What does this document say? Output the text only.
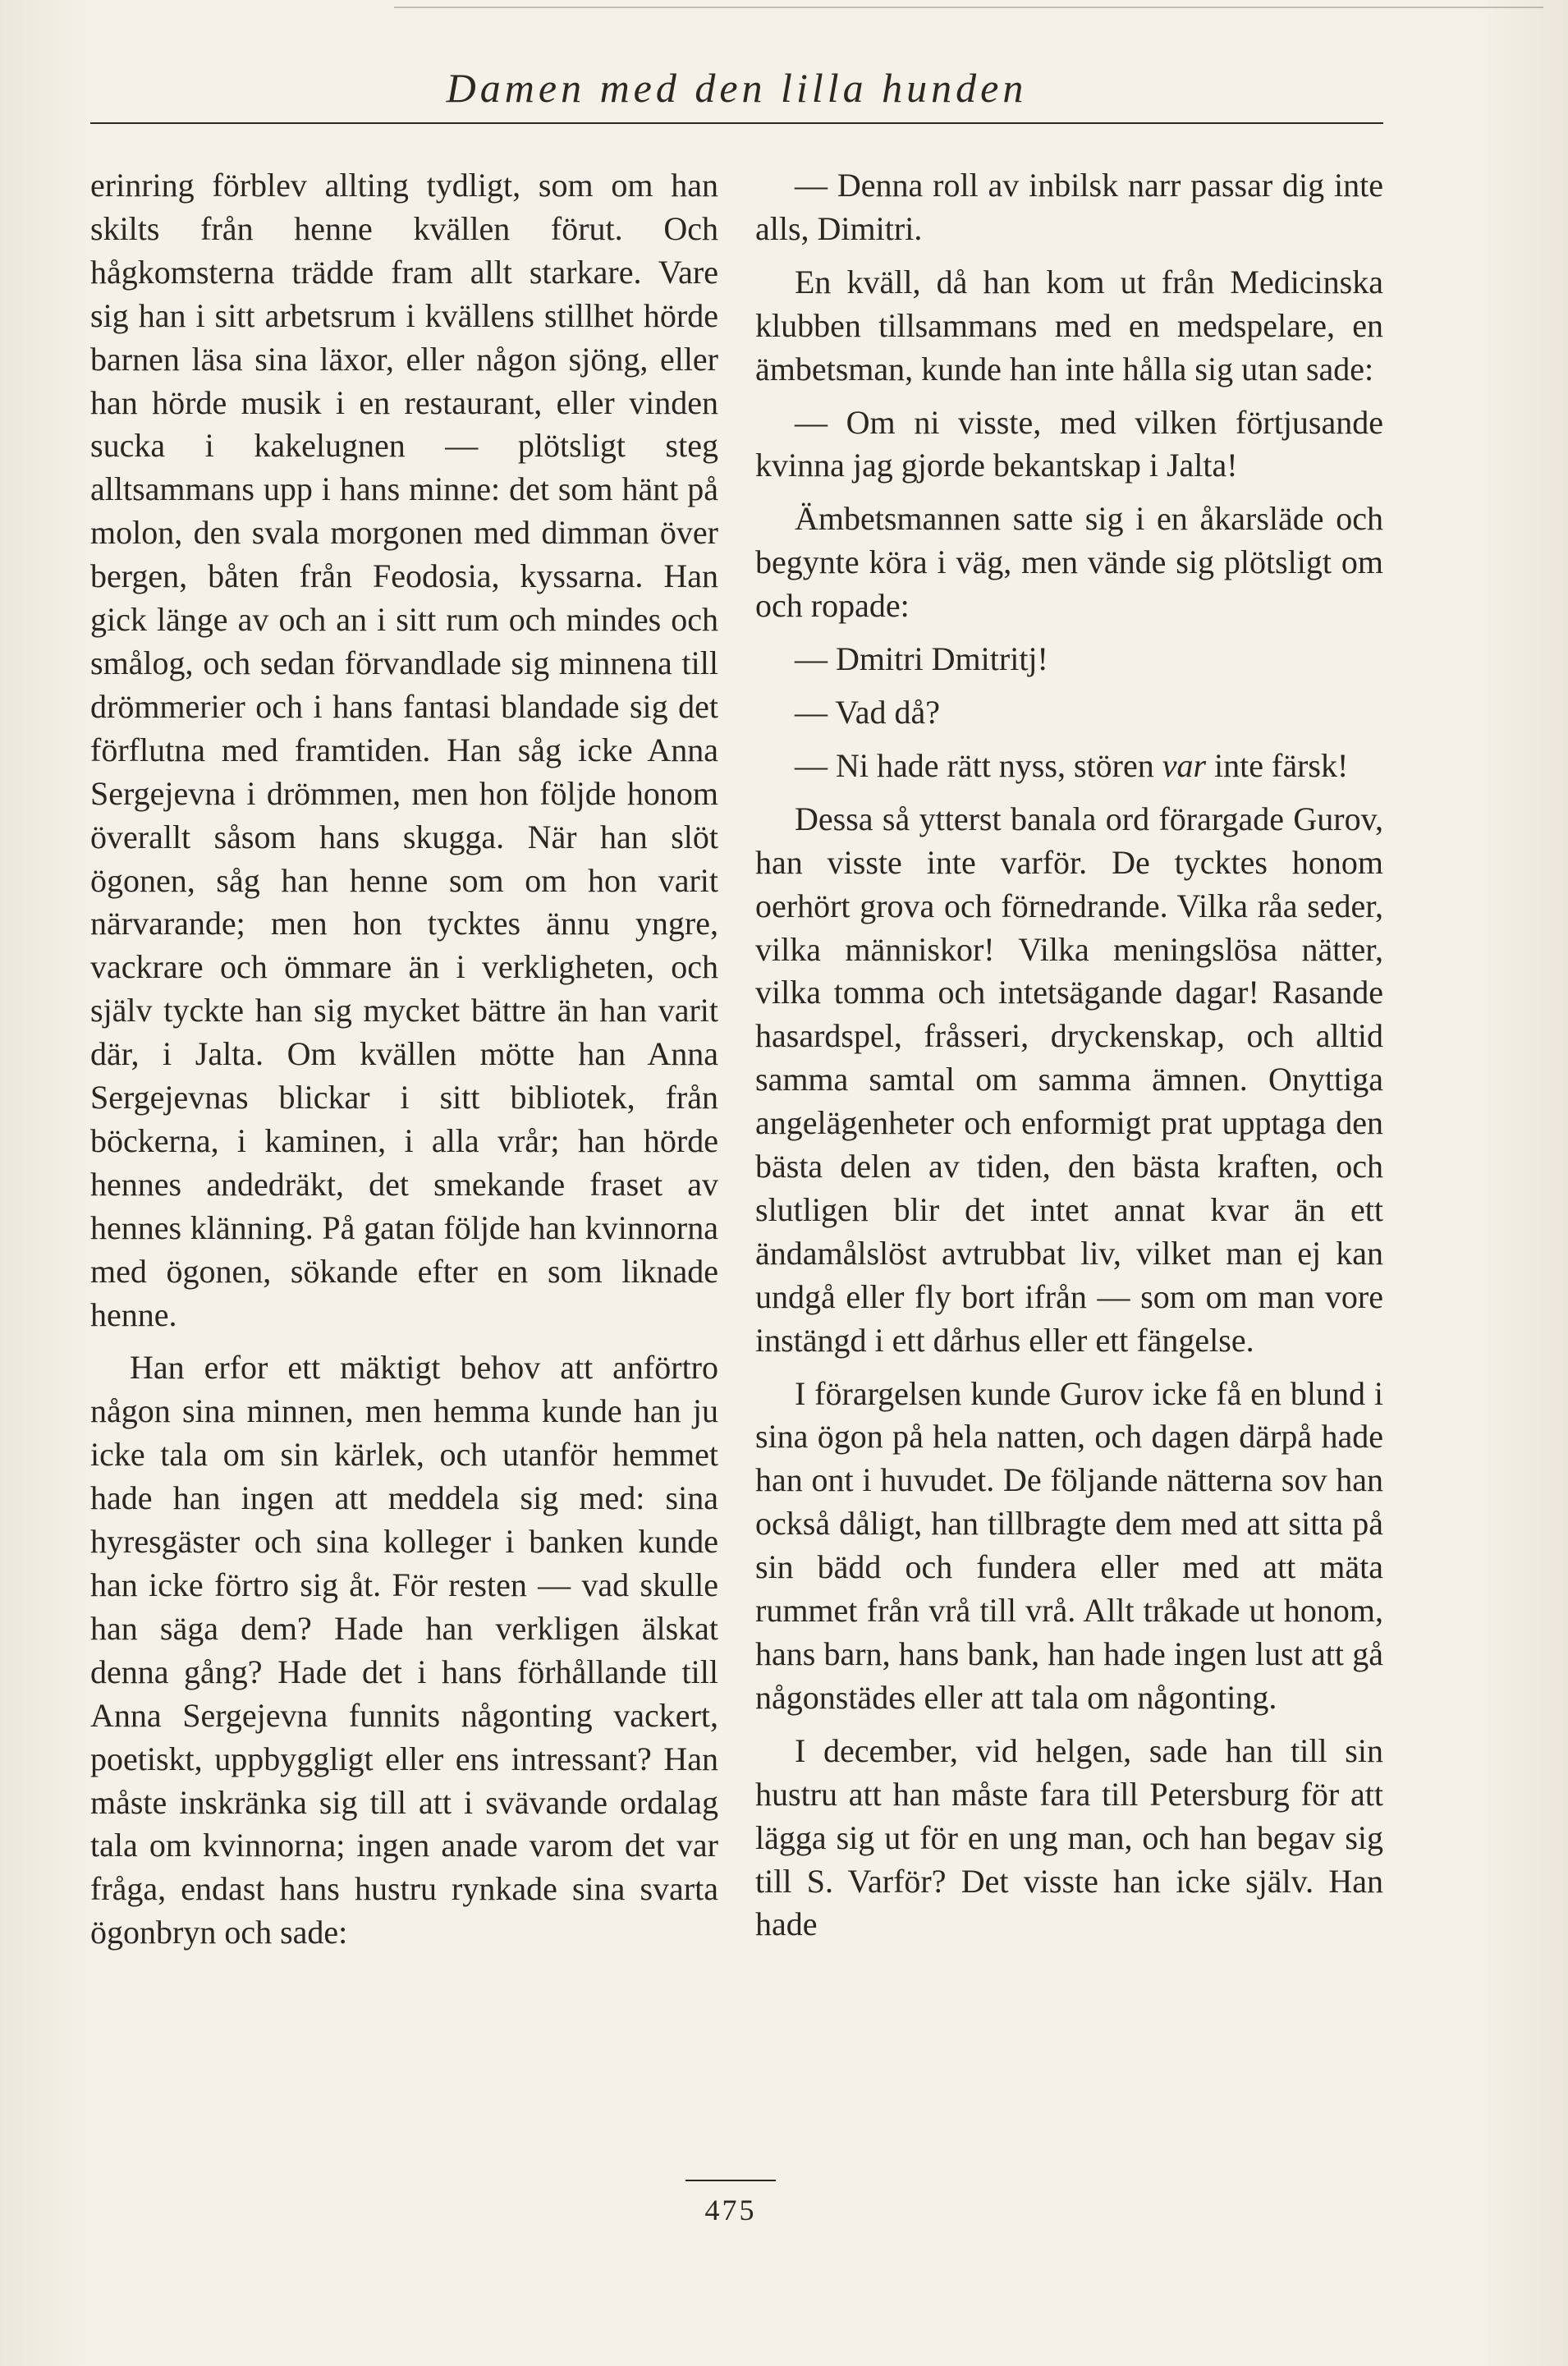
Damen med den lilla hunden

erinring förblev allting tydligt, som om han skilts från henne kvällen förut. Och hågkomsterna trädde fram allt starkare. Vare sig han i sitt arbetsrum i kvällens stillhet hörde barnen läsa sina läxor, eller någon sjöng, eller han hörde musik i en restaurant, eller vinden sucka i kakelugnen — plötsligt steg alltsammans upp i hans minne: det som hänt på molon, den svala morgonen med dimman över bergen, båten från Feodosia, kyssarna. Han gick länge av och an i sitt rum och mindes och smålog, och sedan förvandlade sig minnena till drömmerier och i hans fantasi blandade sig det förflutna med framtiden. Han såg icke Anna Sergejevna i drömmen, men hon följde honom överallt såsom hans skugga. När han slöt ögonen, såg han henne som om hon varit närvarande; men hon tycktes ännu yngre, vackrare och ömmare än i verkligheten, och själv tyckte han sig mycket bättre än han varit där, i Jalta. Om kvällen mötte han Anna Sergejevnas blickar i sitt bibliotek, från böckerna, i kaminen, i alla vrår; han hörde hennes andedräkt, det smekande fraset av hennes klänning. På gatan följde han kvinnorna med ögonen, sökande efter en som liknade henne.

Han erfor ett mäktigt behov att anförtro någon sina minnen, men hemma kunde han ju icke tala om sin kärlek, och utanför hemmet hade han ingen att meddela sig med: sina hyresgäster och sina kolleger i banken kunde han icke förtro sig åt. För resten — vad skulle han säga dem? Hade han verkligen älskat denna gång? Hade det i hans förhållande till Anna Sergejevna funnits någonting vackert, poetiskt, uppbyggligt eller ens intressant? Han måste inskränka sig till att i svävande ordalag tala om kvinnorna; ingen anade varom det var fråga, endast hans hustru rynkade sina svarta ögonbryn och sade:

— Denna roll av inbilsk narr passar dig inte alls, Dimitri.

En kväll, då han kom ut från Medicinska klubben tillsammans med en medspelare, en ämbetsman, kunde han inte hålla sig utan sade:

— Om ni visste, med vilken förtjusande kvinna jag gjorde bekantskap i Jalta!

Ämbetsmannen satte sig i en åkarsläde och begynte köra i väg, men vände sig plötsligt om och ropade:

— Dmitri Dmitritj!

— Vad då?

— Ni hade rätt nyss, stören var inte färsk!

Dessa så ytterst banala ord förargade Gurov, han visste inte varför. De tycktes honom oerhört grova och förnedrande. Vilka råa seder, vilka människor! Vilka meningslösa nätter, vilka tomma och intetsägande dagar! Rasande hasardspel, fråsseri, dryckenskap, och alltid samma samtal om samma ämnen. Onyttiga angelägenheter och enformigt prat upptaga den bästa delen av tiden, den bästa kraften, och slutligen blir det intet annat kvar än ett ändamålslöst avtrubbat liv, vilket man ej kan undgå eller fly bort ifrån — som om man vore instängd i ett dårhus eller ett fängelse.

I förargelsen kunde Gurov icke få en blund i sina ögon på hela natten, och dagen därpå hade han ont i huvudet. De följande nätterna sov han också dåligt, han tillbragte dem med att sitta på sin bädd och fundera eller med att mäta rummet från vrå till vrå. Allt tråkade ut honom, hans barn, hans bank, han hade ingen lust att gå någonstädes eller att tala om någonting.

I december, vid helgen, sade han till sin hustru att han måste fara till Petersburg för att lägga sig ut för en ung man, och han begav sig till S. Varför? Det visste han icke själv. Han hade

475
